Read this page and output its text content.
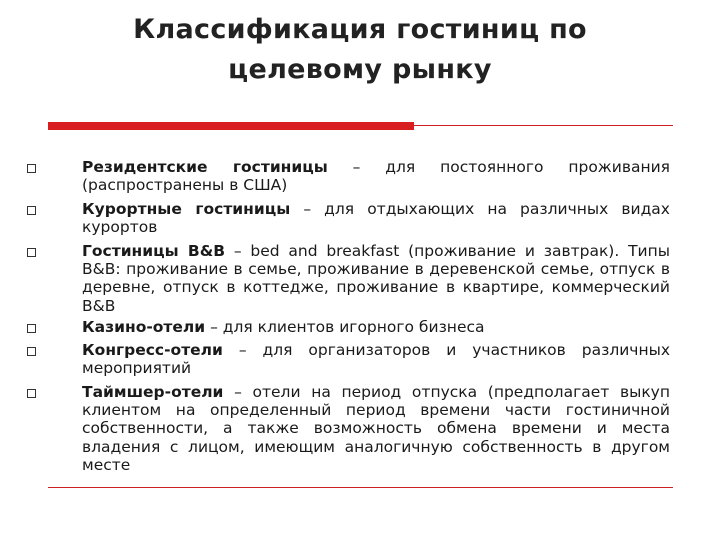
Классификация гостиниц по целевому рынку
Резидентские гостиницы – для постоянного проживания (распространены в США)
Курортные гостиницы – для отдыхающих на различных видах курортов
Гостиницы В&В – bed and breakfast (проживание и завтрак). Типы B&B: проживание в семье, проживание в деревенской семье, отпуск в деревне, отпуск в коттедже, проживание в квартире, коммерческий В&В
Казино-отели – для клиентов игорного бизнеса
Конгресс-отели – для организаторов и участников различных мероприятий
Таймшер-отели – отели на период отпуска (предполагает выкуп клиентом на определенный период времени части гостиничной собственности, а также возможность обмена времени и места владения с лицом, имеющим аналогичную собственность в другом месте
